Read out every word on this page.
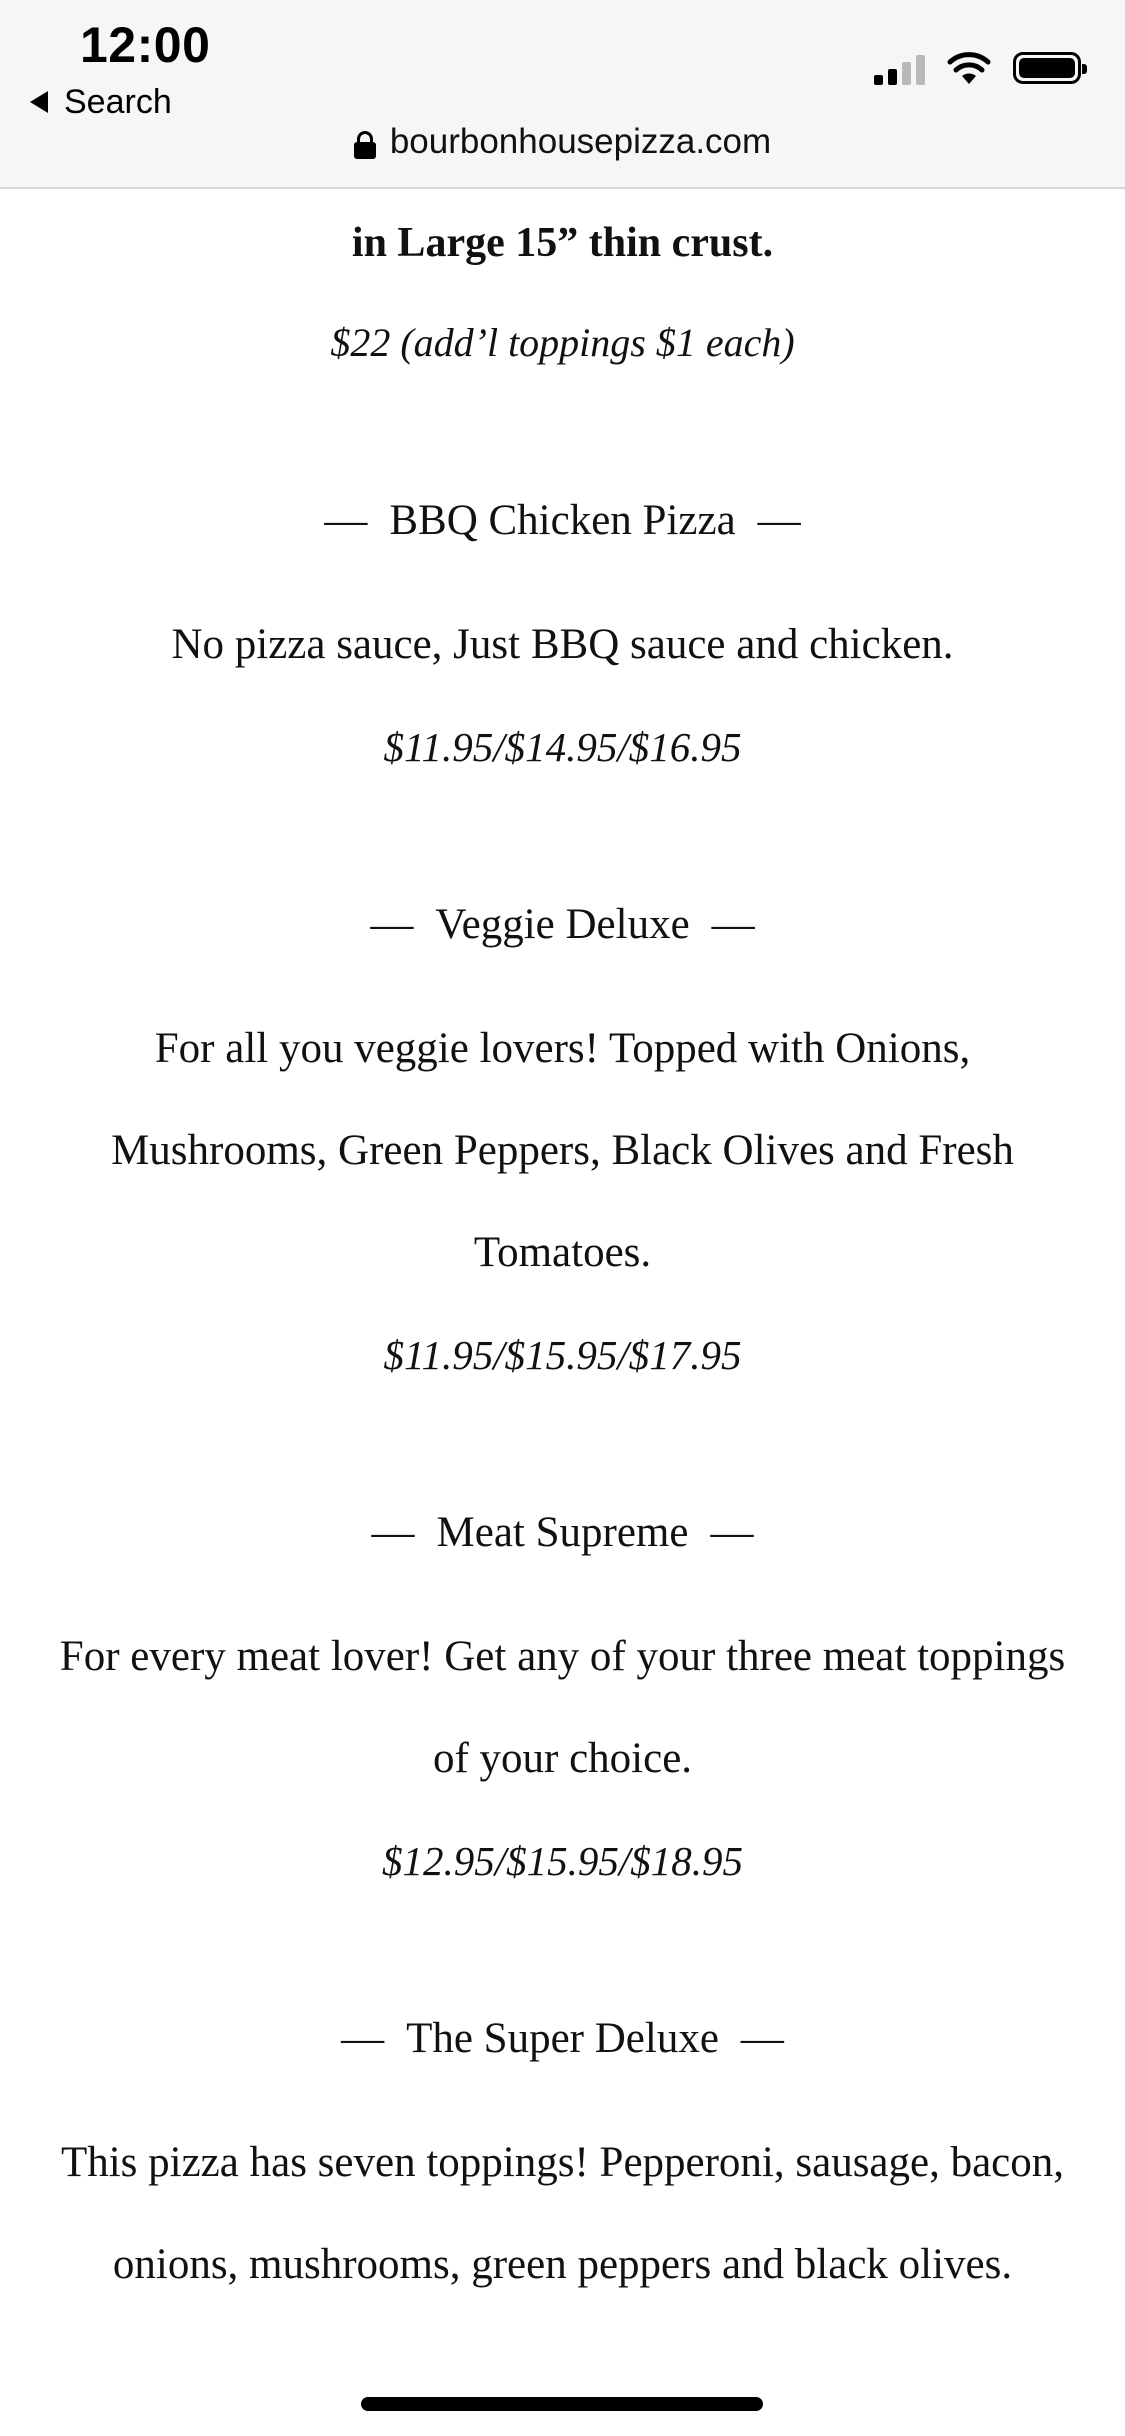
12:00
Search
bourbonhousepizza.com
in Large 15” thin crust.
$22 (add’l toppings $1 each)
— BBQ Chicken Pizza —
No pizza sauce, Just BBQ sauce and chicken.
$11.95/$14.95/$16.95
— Veggie Deluxe —
For all you veggie lovers! Topped with Onions, Mushrooms, Green Peppers, Black Olives and Fresh Tomatoes.
$11.95/$15.95/$17.95
— Meat Supreme —
For every meat lover! Get any of your three meat toppings of your choice.
$12.95/$15.95/$18.95
— The Super Deluxe —
This pizza has seven toppings! Pepperoni, sausage, bacon, onions, mushrooms, green peppers and black olives.
